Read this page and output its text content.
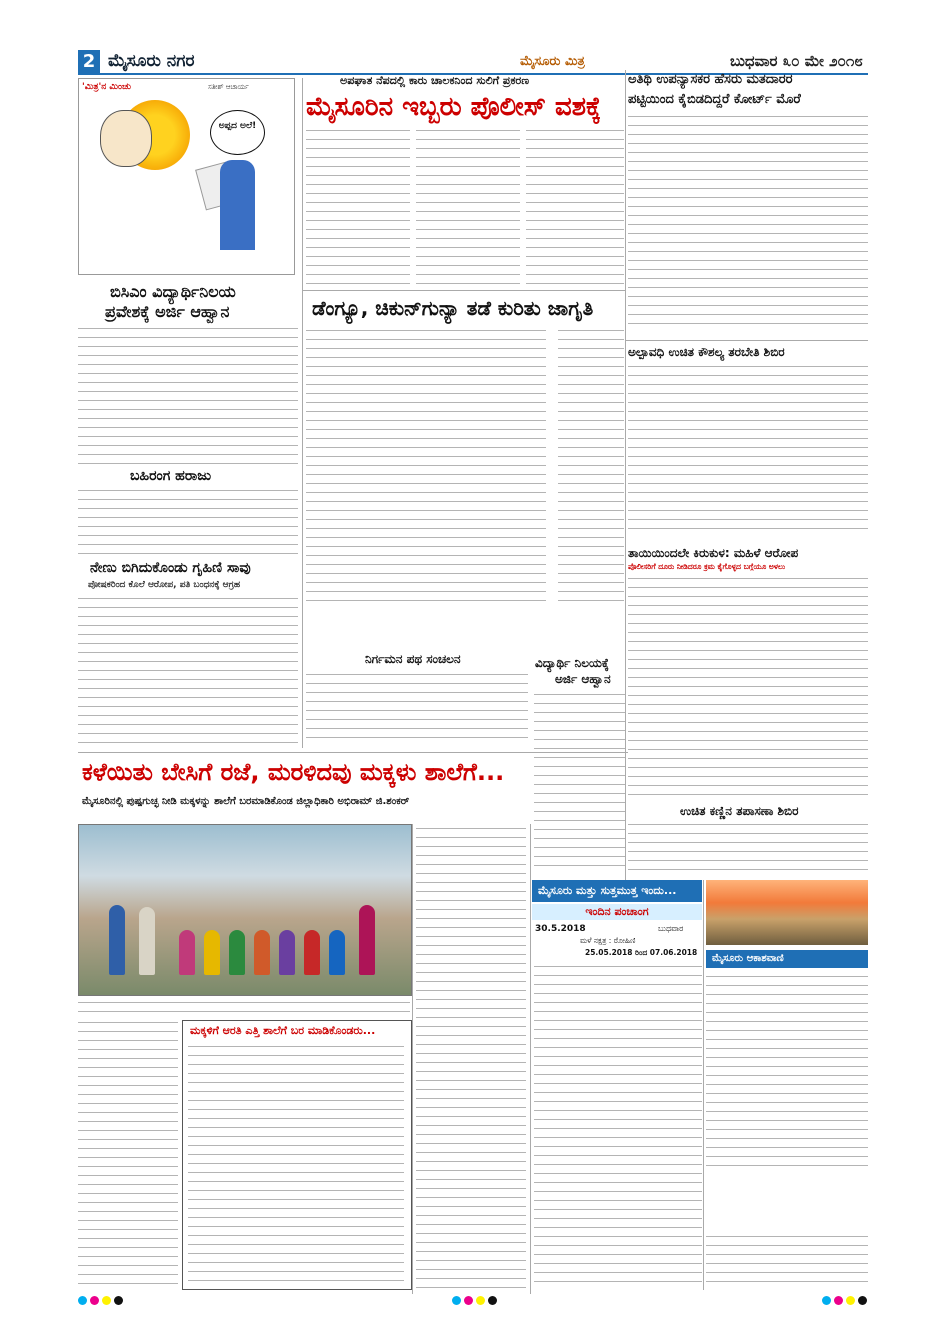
2 ಮೈಸೂರು ನಗರ	ಮೈಸೂರು ಮಿತ್ರ	ಬುಧವಾರ ೩೦ ಮೇ ೨೦೧೮
'ಮಿತ್ರ'ನ ಮಿಂಚು	ಸತೀಶ್ ಆಚಾರ್ಯ
ಅಪ್ಪದ ಅಲೆ!
ಅಪಘಾತ ನೆಪದಲ್ಲಿ ಕಾರು ಚಾಲಕನಿಂದ ಸುಲಿಗೆ ಪ್ರಕರಣ
ಮೈಸೂರಿನ ಇಬ್ಬರು ಪೊಲೀಸ್ ವಶಕ್ಕೆ
ಅತಿಥಿ ಉಪನ್ಯಾಸಕರ ಹೆಸರು ಮತದಾರರ
ಪಟ್ಟಿಯಿಂದ ಕೈಬಿಡದಿದ್ದರೆ ಕೋರ್ಟ್ ಮೊರೆ
ಬಿಸಿಎಂ ವಿದ್ಯಾರ್ಥಿನಿಲಯ
ಪ್ರವೇಶಕ್ಕೆ ಅರ್ಜಿ ಆಹ್ವಾನ	ಡೆಂಗ್ಯೂ, ಚಿಕುನ್‌ಗುನ್ಯಾ ತಡೆ ಕುರಿತು ಜಾಗೃತಿ
ಬಹಿರಂಗ ಹರಾಜು
ನೇಣು ಬಿಗಿದುಕೊಂಡು ಗೃಹಿಣಿ ಸಾವು
ಪೋಷಕರಿಂದ ಕೊಲೆ ಆರೋಪ, ಪತಿ ಬಂಧನಕ್ಕೆ ಆಗ್ರಹ
ನಿರ್ಗಮನ ಪಥ ಸಂಚಲನ	ವಿದ್ಯಾರ್ಥಿ ನಿಲಯಕ್ಕೆ
ಅರ್ಜಿ ಆಹ್ವಾನ
ಅಲ್ಪಾವಧಿ ಉಚಿತ ಕೌಶಲ್ಯ ತರಬೇತಿ ಶಿಬಿರ
ತಾಯಿಯಿಂದಲೇ ಕಿರುಕುಳ: ಮಹಿಳೆ ಆರೋಪ
ಪೊಲೀಸರಿಗೆ ದೂರು ನೀಡಿದರೂ ಕ್ರಮ ಕೈಗೊಳ್ಳದ ಬಗ್ಗೆಯೂ ಅಳಲು
ಉಚಿತ ಕಣ್ಣಿನ ತಪಾಸಣಾ ಶಿಬಿರ
ಕಳೆಯಿತು ಬೇಸಿಗೆ ರಜೆ, ಮರಳಿದವು ಮಕ್ಕಳು ಶಾಲೆಗೆ...
ಮೈಸೂರಿನಲ್ಲಿ ಪುಷ್ಪಗುಚ್ಛ ನೀಡಿ ಮಕ್ಕಳನ್ನು ಶಾಲೆಗೆ ಬರಮಾಡಿಕೊಂಡ ಜಿಲ್ಲಾಧಿಕಾರಿ ಅಭಿರಾಮ್ ಜಿ.ಶಂಕರ್
ಮಕ್ಕಳಿಗೆ ಆರತಿ ಎತ್ತಿ ಶಾಲೆಗೆ ಬರ ಮಾಡಿಕೊಂಡರು...
ಮೈಸೂರು ಮತ್ತು ಸುತ್ತಮುತ್ತ ಇಂದು...
ಇಂದಿನ ಪಂಚಾಂಗ
30.5.2018	ಬುಧವಾರ
ಮಳೆ ನಕ್ಷತ್ರ : ರೋಹಿಣಿ
25.05.2018 ರಿಂದ 07.06.2018
ಮೈಸೂರು ಆಕಾಶವಾಣಿ
